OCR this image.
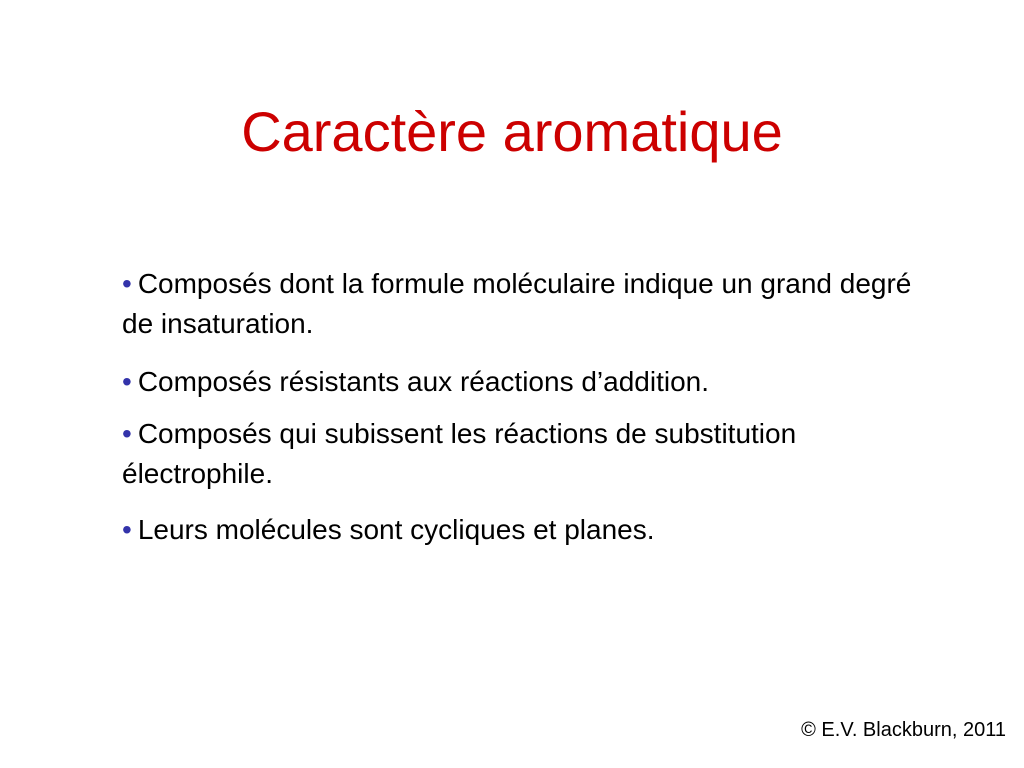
Caractère aromatique
• Composés dont la formule moléculaire indique un grand degré de insaturation.
• Composés résistants aux réactions d’addition.
• Composés qui subissent les réactions de substitution électrophile.
• Leurs molécules sont cycliques et planes.
© E.V. Blackburn, 2011
